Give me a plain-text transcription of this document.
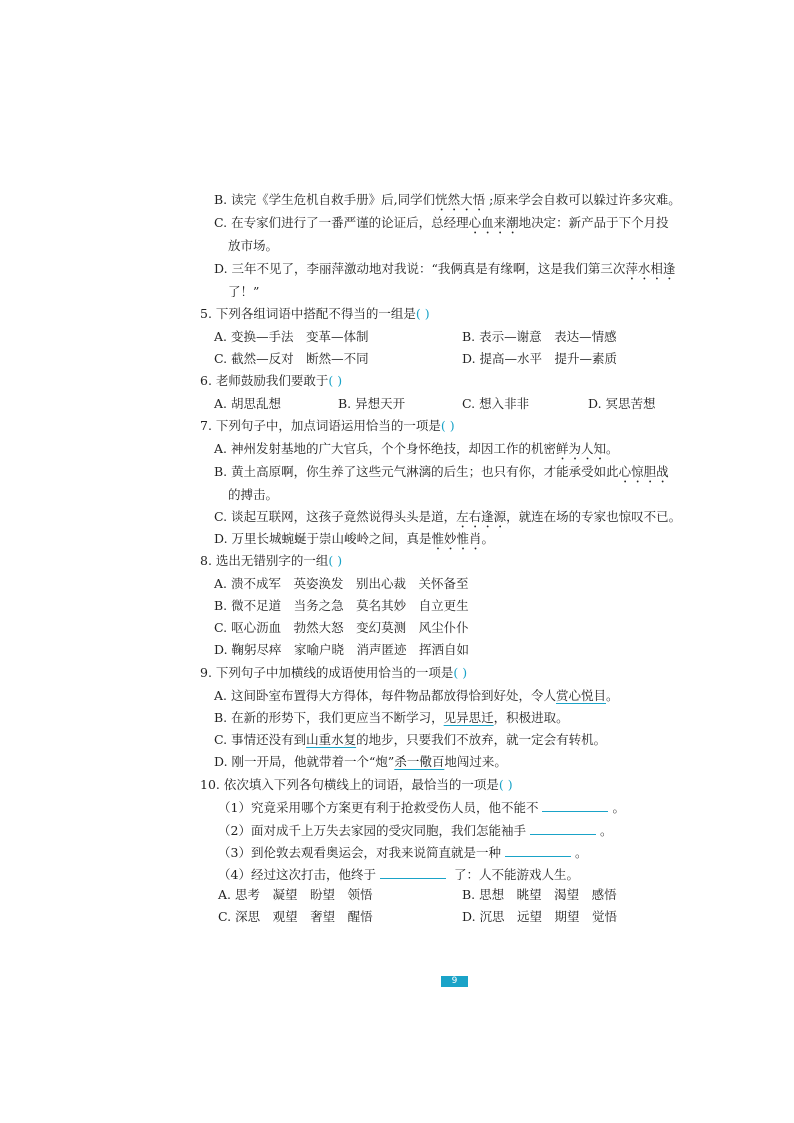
B. 读完《学生危机自救手册》后,同学们恍然大悟 ;原来学会自救可以躲过许多灾难。
C. 在专家们进行了一番严谨的论证后，总经理心血来潮地决定：新产品于下个月投
放市场。
D. 三年不见了，李丽萍激动地对我说：“我俩真是有缘啊，这是我们第三次萍水相逢
了！”
5. 下列各组词语中搭配不得当的一组是( )
A. 变换—手法　变革—体制	B. 表示—谢意　表达—情感
C. 截然—反对　断然—不同	D. 提高—水平　提升—素质
6. 老师鼓励我们要敢于( )
A. 胡思乱想	B. 异想天开	C. 想入非非	D. 冥思苦想
7. 下列句子中，加点词语运用恰当的一项是( )
A. 神州发射基地的广大官兵，个个身怀绝技，却因工作的机密鲜为人知。
B. 黄土高原啊，你生养了这些元气淋漓的后生；也只有你，才能承受如此心惊胆战
的搏击。
C. 谈起互联网，这孩子竟然说得头头是道，左右逢源，就连在场的专家也惊叹不已。
D. 万里长城蜿蜒于崇山峻岭之间，真是惟妙惟肖。
8. 选出无错别字的一组( )
A. 溃不成军　英姿涣发　别出心裁　关怀备至
B. 微不足道　当务之急　莫名其妙　自立更生
C. 呕心沥血　勃然大怒　变幻莫测　风尘仆仆
D. 鞠躬尽瘁　家喻户晓　消声匿迹　挥洒自如
9. 下列句子中加横线的成语使用恰当的一项是( )
A. 这间卧室布置得大方得体，每件物品都放得恰到好处，令人赏心悦目。
B. 在新的形势下，我们更应当不断学习，见异思迁，积极进取。
C. 事情还没有到山重水复的地步，只要我们不放弃，就一定会有转机。
D. 刚一开局，他就带着一个“炮”杀一儆百地闯过来。
10. 依次填入下列各句横线上的词语，最恰当的一项是( )
（1）究竟采用哪个方案更有利于抢救受伤人员，他不能不	。
（2）面对成千上万失去家园的受灾同胞，我们怎能袖手	。
（3）到伦敦去观看奥运会，对我来说简直就是一种	。
（4）经过这次打击，他终于	了：人不能游戏人生。
A. 思考　凝望　盼望　领悟	B. 思想　眺望　渴望　感悟
C. 深思　观望　奢望　醒悟	D. 沉思　远望　期望　觉悟
9
